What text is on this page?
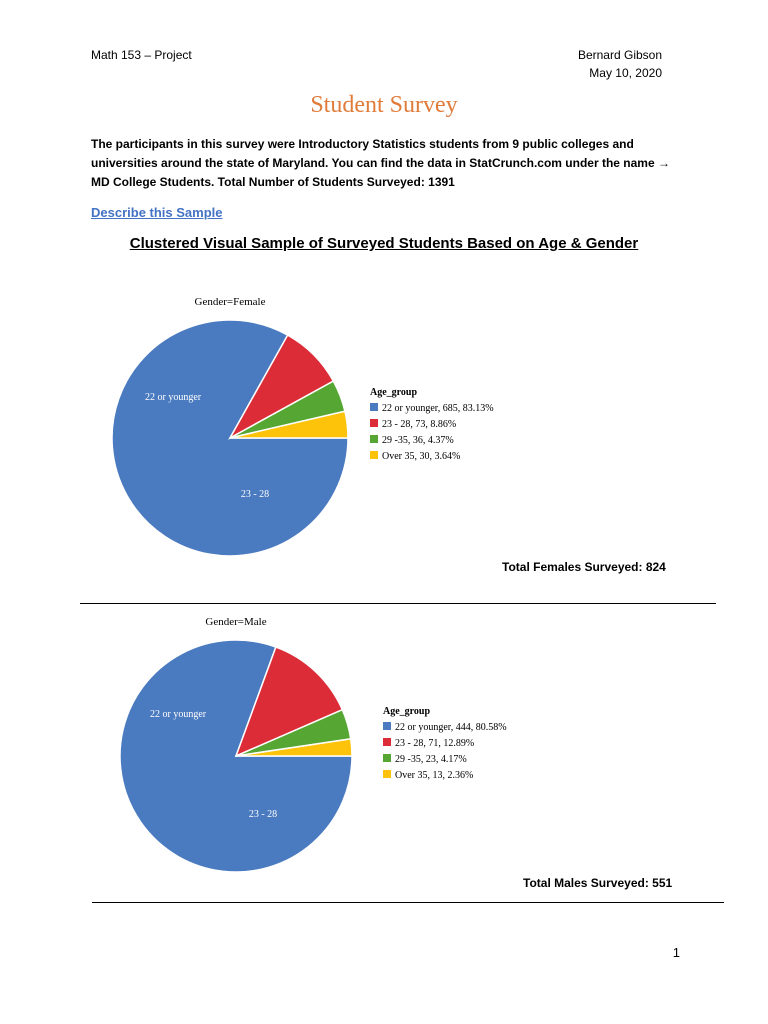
Math 153 – Project	Bernard Gibson
May 10, 2020
Student Survey
The participants in this survey were Introductory Statistics students from 9 public colleges and universities around the state of Maryland. You can find the data in StatCrunch.com under the name → MD College Students. Total Number of Students Surveyed: 1391
Describe this Sample
Clustered Visual Sample of Surveyed Students Based on Age & Gender
Gender=Female
22 or younger
23 - 28
Age_group
22 or younger, 685, 83.13%
23 - 28, 73, 8.86%
29 -35, 36, 4.37%
Over 35, 30, 3.64%
Total Females Surveyed: 824
Gender=Male
22 or younger
23 - 28
Age_group
22 or younger, 444, 80.58%
23 - 28, 71, 12.89%
29 -35, 23, 4.17%
Over 35, 13, 2.36%
Total Males Surveyed: 551
1
